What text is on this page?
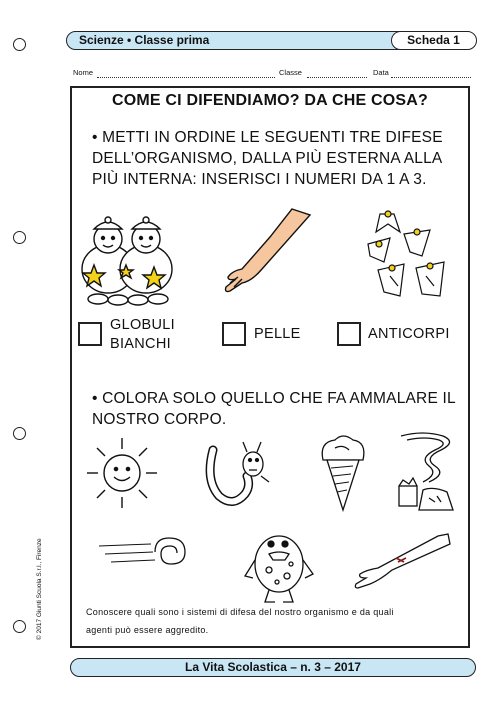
Scienze • Classe prima	Scheda 1
Nome	Classe	Data
COME CI DIFENDIAMO? DA CHE COSA?
• METTI IN ORDINE LE SEGUENTI TRE DIFESE
DELL’ORGANISMO, DALLA PIÙ ESTERNA ALLA
PIÙ INTERNA: INSERISCI I NUMERI DA 1 A 3.
GLOBULI
BIANCHI
PELLE	ANTICORPI
• COLORA SOLO QUELLO CHE FA AMMALARE IL
NOSTRO CORPO.
Conoscere quali sono i sistemi di difesa del nostro organismo e da quali
agenti può essere aggredito.
© 2017 Giunti Scuola S.r.l., Firenze
La Vita Scolastica – n. 3 – 2017
